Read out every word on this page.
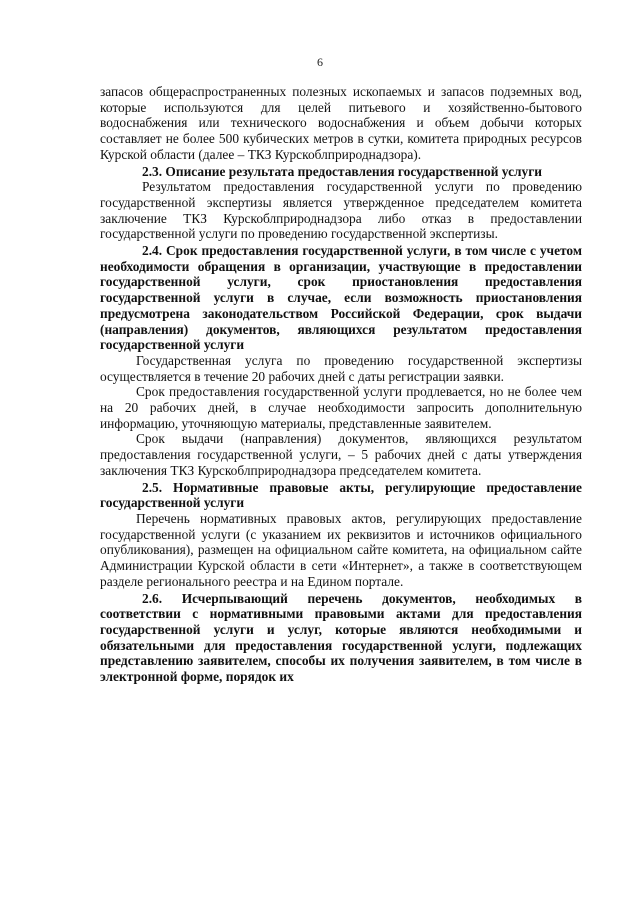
6

запасов общераспространенных полезных ископаемых и запасов подземных вод, которые используются для целей питьевого и хозяйственно-бытового водоснабжения или технического водоснабжения и объем добычи которых составляет не более 500 кубических метров в сутки, комитета природных ресурсов Курской области (далее – ТКЗ Курскоблприроднадзора).

2.3. Описание результата предоставления государственной услуги

Результатом предоставления государственной услуги по проведению государственной экспертизы является утвержденное председателем комитета заключение ТКЗ Курскоблприроднадзора либо отказ в предоставлении государственной услуги по проведению государственной экспертизы.

2.4. Срок предоставления государственной услуги, в том числе с учетом необходимости обращения в организации, участвующие в предоставлении государственной услуги, срок приостановления предоставления государственной услуги в случае, если возможность приостановления предусмотрена законодательством Российской Федерации, срок выдачи (направления) документов, являющихся результатом предоставления государственной услуги

Государственная услуга по проведению государственной экспертизы осуществляется в течение 20 рабочих дней с даты регистрации заявки.

Срок предоставления государственной услуги продлевается, но не более чем на 20 рабочих дней, в случае необходимости запросить дополнительную информацию, уточняющую материалы, представленные заявителем.

Срок выдачи (направления) документов, являющихся результатом предоставления государственной услуги, – 5 рабочих дней с даты утверждения заключения ТКЗ Курскоблприроднадзора председателем комитета.

2.5. Нормативные правовые акты, регулирующие предоставление государственной услуги

Перечень нормативных правовых актов, регулирующих предоставление государственной услуги (с указанием их реквизитов и источников официального опубликования), размещен на официальном сайте комитета, на официальном сайте Администрации Курской области в сети «Интернет», а также в соответствующем разделе регионального реестра и на Едином портале.

2.6. Исчерпывающий перечень документов, необходимых в соответствии с нормативными правовыми актами для предоставления государственной услуги и услуг, которые являются необходимыми и обязательными для предоставления государственной услуги, подлежащих представлению заявителем, способы их получения заявителем, в том числе в электронной форме, порядок их
